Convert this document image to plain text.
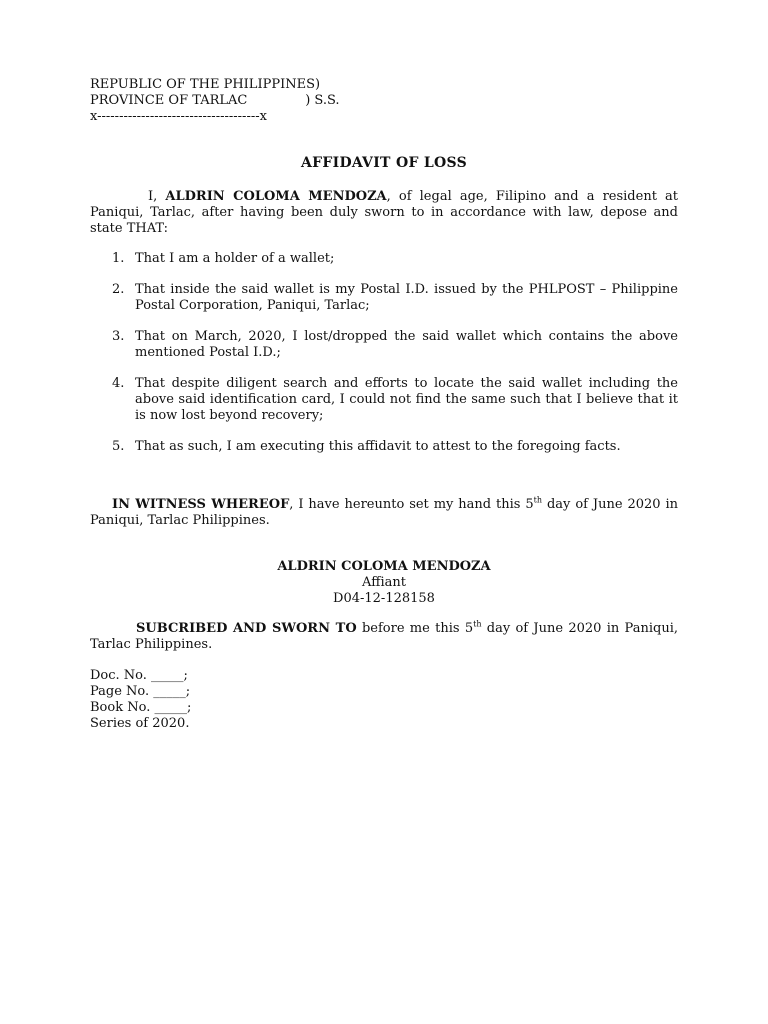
REPUBLIC OF THE PHILIPPINES)
PROVINCE OF TARLAC              ) S.S.
x-------------------------------------x
AFFIDAVIT OF LOSS
I, ALDRIN COLOMA MENDOZA, of legal age, Filipino and a resident at Paniqui, Tarlac, after having been duly sworn to in accordance with law, depose and state THAT:
1. That I am a holder of a wallet;
2. That inside the said wallet is my Postal I.D. issued by the PHLPOST – Philippine Postal Corporation, Paniqui, Tarlac;
3. That on March, 2020, I lost/dropped the said wallet which contains the above mentioned Postal I.D.;
4. That despite diligent search and efforts to locate the said wallet including the above said identification card, I could not find the same such that I believe that it is now lost beyond recovery;
5. That as such, I am executing this affidavit to attest to the foregoing facts.
IN WITNESS WHEREOF, I have hereunto set my hand this 5th day of June 2020 in Paniqui, Tarlac Philippines.
ALDRIN COLOMA MENDOZA
Affiant
D04-12-128158
SUBCRIBED AND SWORN TO before me this 5th day of June 2020 in Paniqui, Tarlac Philippines.
Doc. No. _____;
Page No. _____;
Book No. _____;
Series of 2020.
